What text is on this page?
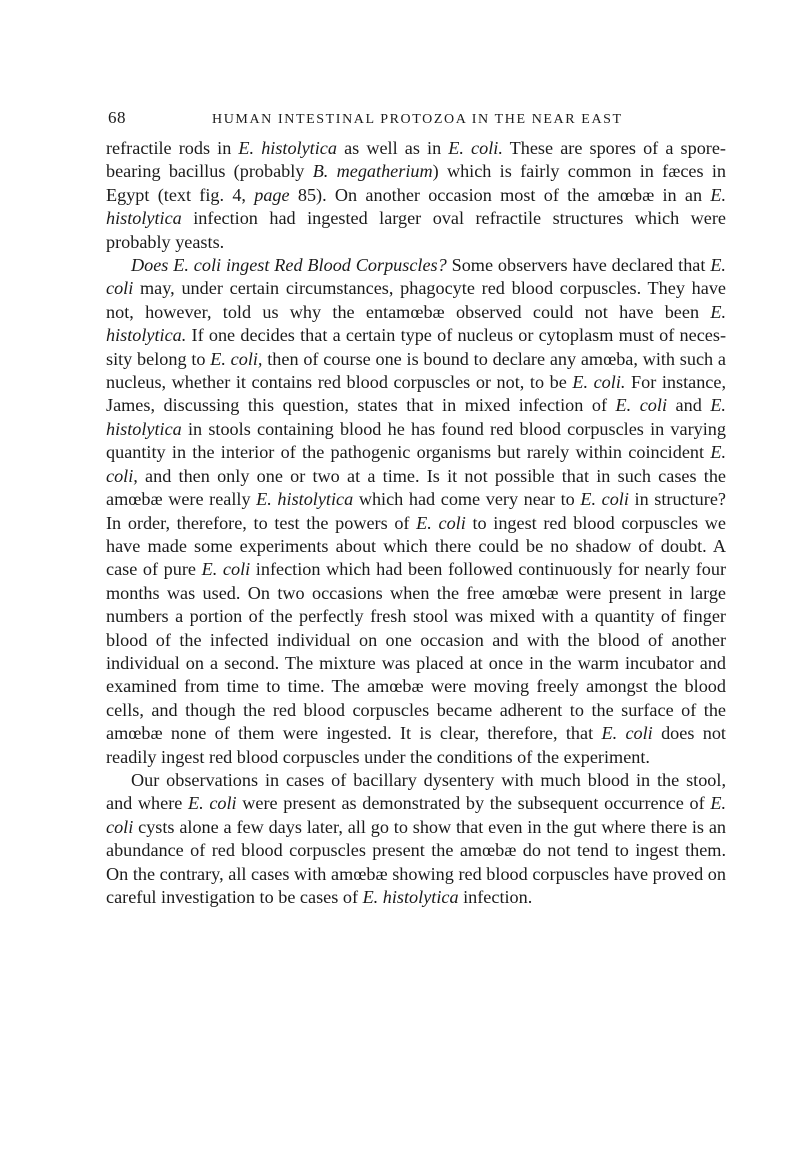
68	HUMAN INTESTINAL PROTOZOA IN THE NEAR EAST

refractile rods in E. histolytica as well as in E. coli. These are spores of a spore-bearing bacillus (probably B. megatherium) which is fairly common in fæces in Egypt (text fig. 4, page 85). On another occasion most of the amœbæ in an E. histolytica infection had ingested larger oval refractile structures which were probably yeasts.

Does E. coli ingest Red Blood Corpuscles? Some observers have declared that E. coli may, under certain circumstances, phagocyte red blood corpuscles. They have not, however, told us why the entamœbæ observed could not have been E. histolytica. If one decides that a certain type of nucleus or cytoplasm must of necessity belong to E. coli, then of course one is bound to declare any amœba, with such a nucleus, whether it contains red blood corpuscles or not, to be E. coli. For instance, James, discussing this question, states that in mixed infection of E. coli and E. histolytica in stools containing blood he has found red blood corpuscles in varying quantity in the interior of the pathogenic organisms but rarely within coincident E. coli, and then only one or two at a time. Is it not possible that in such cases the amœbæ were really E. histolytica which had come very near to E. coli in structure? In order, therefore, to test the powers of E. coli to ingest red blood corpuscles we have made some experiments about which there could be no shadow of doubt. A case of pure E. coli infection which had been followed continuously for nearly four months was used. On two occasions when the free amœbæ were present in large numbers a portion of the perfectly fresh stool was mixed with a quantity of finger blood of the infected individual on one occasion and with the blood of another individual on a second. The mixture was placed at once in the warm incubator and examined from time to time. The amœbæ were moving freely amongst the blood cells, and though the red blood corpuscles became adherent to the surface of the amœbæ none of them were ingested. It is clear, therefore, that E. coli does not readily ingest red blood corpuscles under the conditions of the experiment.

Our observations in cases of bacillary dysentery with much blood in the stool, and where E. coli were present as demonstrated by the subsequent occurrence of E. coli cysts alone a few days later, all go to show that even in the gut where there is an abundance of red blood corpuscles present the amœbæ do not tend to ingest them. On the contrary, all cases with amœbæ showing red blood corpuscles have proved on careful investigation to be cases of E. histolytica infection.
